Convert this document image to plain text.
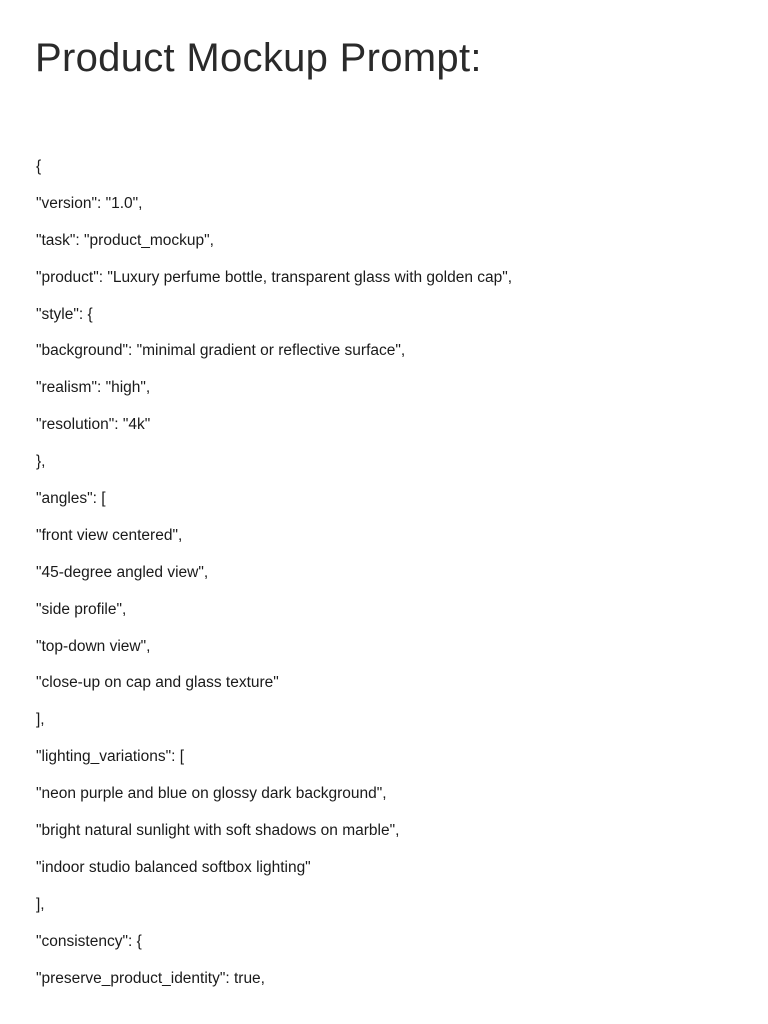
Product Mockup Prompt:
{
"version": "1.0",
"task": "product_mockup",
"product": "Luxury perfume bottle, transparent glass with golden cap",
"style": {
"background": "minimal gradient or reflective surface",
"realism": "high",
"resolution": "4k"
},
"angles": [
"front view centered",
"45-degree angled view",
"side profile",
"top-down view",
"close-up on cap and glass texture"
],
"lighting_variations": [
"neon purple and blue on glossy dark background",
"bright natural sunlight with soft shadows on marble",
"indoor studio balanced softbox lighting"
],
"consistency": {
"preserve_product_identity": true,
